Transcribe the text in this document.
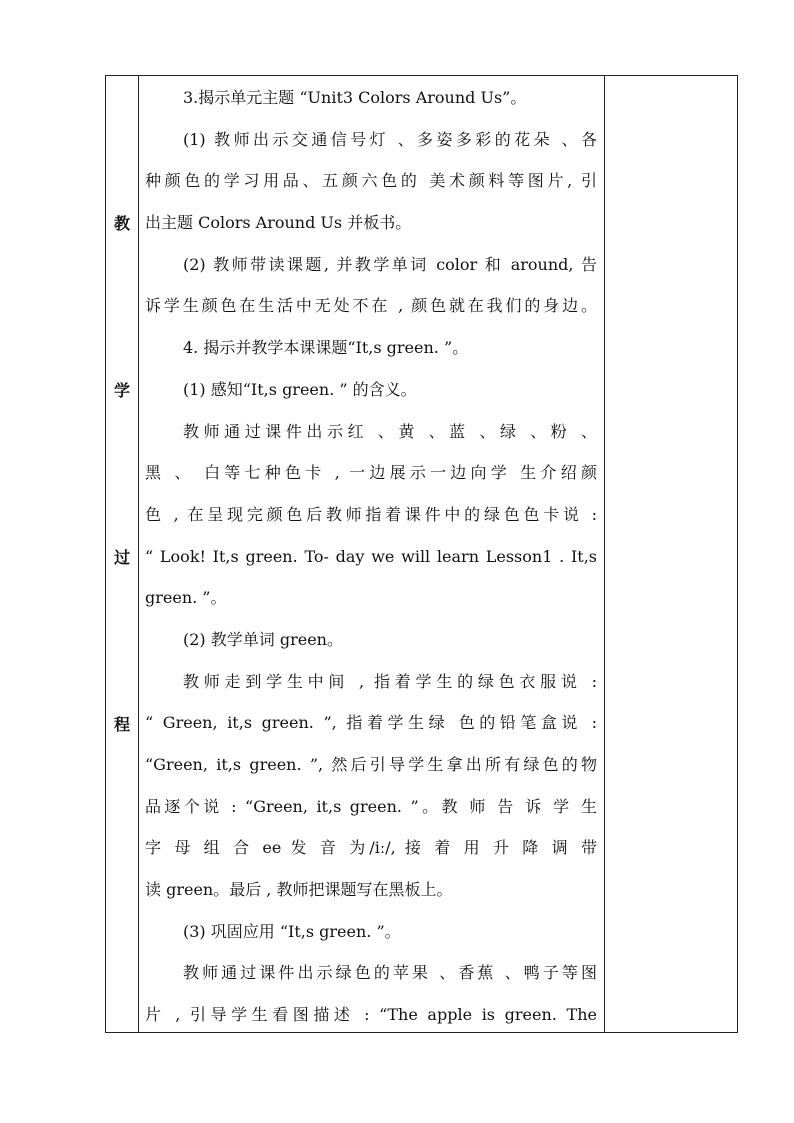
教
学
过
程
3.揭示单元主题 “Unit3 Colors Around Us”。
(1) 教师出示交通信号灯 、多姿多彩的花朵 、各
种颜色的学习用品、五颜六色的 美术颜料等图片, 引
出主题 Colors Around Us 并板书。
(2) 教师带读课题, 并教学单词 color 和 around, 告
诉学生颜色在生活中无处不在 , 颜色就在我们的身边。
4. 揭示并教学本课课题“It,s green. ”。
(1) 感知“It,s green. ” 的含义。
教师通过课件出示红 、黄 、蓝 、绿 、粉 、
黑 、 白等七种色卡 , 一边展示一边向学 生介绍颜
色 , 在呈现完颜色后教师指着课件中的绿色色卡说 :
“ Look! It,s green. To- day we will learn Lesson1 . It,s
green. ”。
(2) 教学单词 green。
教师走到学生中间 , 指着学生的绿色衣服说 :
“ Green, it,s green. ”, 指着学生绿 色的铅笔盒说 :
“Green, it,s green. ”, 然后引导学生拿出所有绿色的物
品逐个说 : “Green, it,s green. ”。教 师 告 诉 学 生
字 母 组 合 ee 发 音 为/iː/, 接 着 用 升 降 调 带
读 green。最后 , 教师把课题写在黑板上。
(3) 巩固应用 “It,s green. ”。
教师通过课件出示绿色的苹果 、香蕉 、鸭子等图
片 , 引导学生看图描述 : “The apple is green. The
